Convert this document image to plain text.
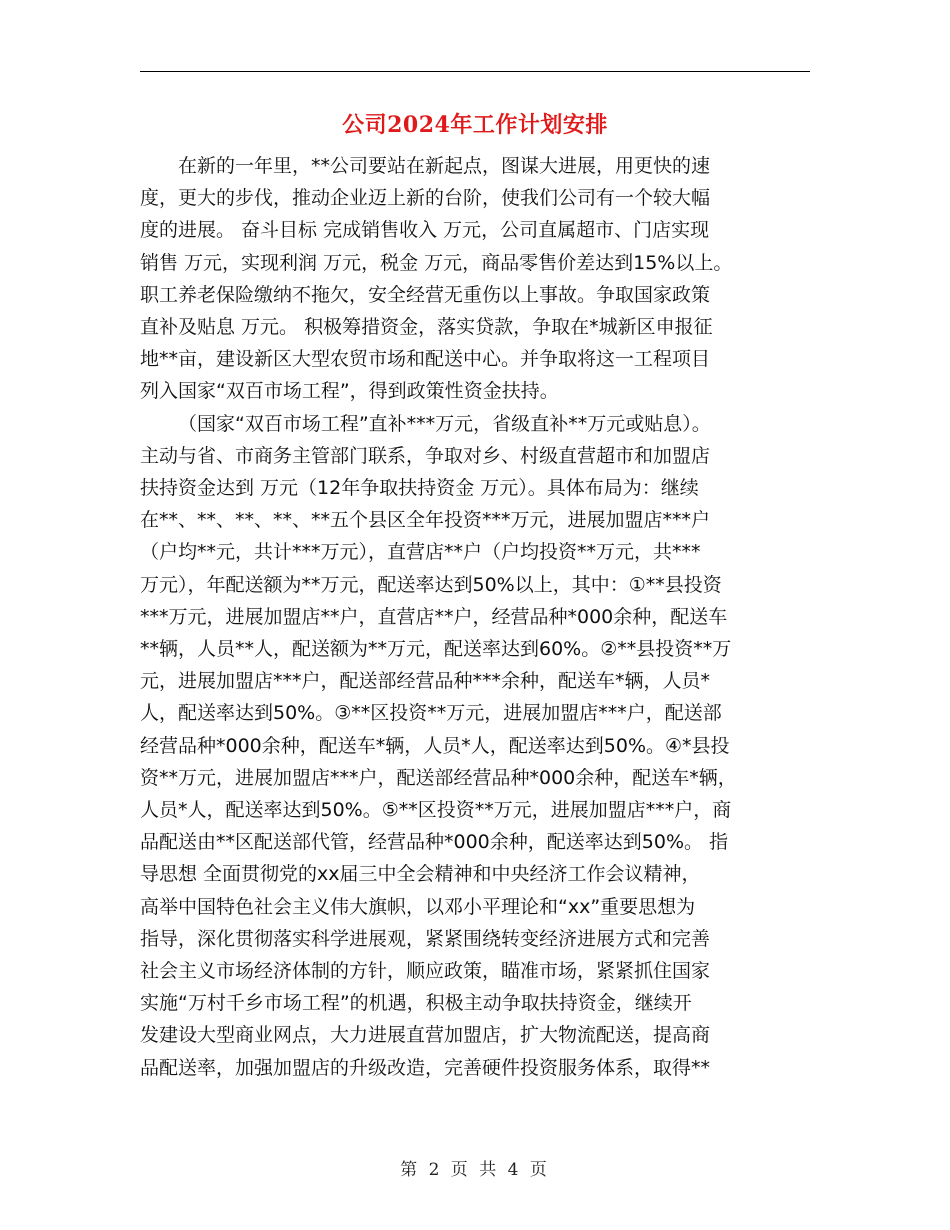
公司2024年工作计划安排
在新的一年里，**公司要站在新起点，图谋大进展，用更快的速
度，更大的步伐，推动企业迈上新的台阶，使我们公司有一个较大幅
度的进展。 奋斗目标 完成销售收入 万元，公司直属超市、门店实现
销售 万元，实现利润 万元，税金 万元，商品零售价差达到15%以上。
职工养老保险缴纳不拖欠，安全经营无重伤以上事故。争取国家政策
直补及贴息 万元。 积极筹措资金，落实贷款，争取在*城新区申报征
地**亩，建设新区大型农贸市场和配送中心。并争取将这一工程项目
列入国家“双百市场工程”，得到政策性资金扶持。
（国家“双百市场工程”直补***万元，省级直补**万元或贴息）。
主动与省、市商务主管部门联系，争取对乡、村级直营超市和加盟店
扶持资金达到 万元（12年争取扶持资金 万元）。具体布局为：继续
在**、**、**、**、**五个县区全年投资***万元，进展加盟店***户
（户均**元，共计***万元），直营店**户（户均投资**万元，共***
万元），年配送额为**万元，配送率达到50%以上，其中：①**县投资
***万元，进展加盟店**户，直营店**户，经营品种*000余种，配送车
**辆，人员**人，配送额为**万元，配送率达到60%。②**县投资**万
元，进展加盟店***户，配送部经营品种***余种，配送车*辆，人员*
人，配送率达到50%。③**区投资**万元，进展加盟店***户，配送部
经营品种*000余种，配送车*辆，人员*人，配送率达到50%。④*县投
资**万元，进展加盟店***户，配送部经营品种*000余种，配送车*辆，
人员*人，配送率达到50%。⑤**区投资**万元，进展加盟店***户，商
品配送由**区配送部代管，经营品种*000余种，配送率达到50%。 指
导思想 全面贯彻党的xx届三中全会精神和中央经济工作会议精神，
高举中国特色社会主义伟大旗帜，以邓小平理论和“xx”重要思想为
指导，深化贯彻落实科学进展观，紧紧围绕转变经济进展方式和完善
社会主义市场经济体制的方针，顺应政策，瞄准市场，紧紧抓住国家
实施“万村千乡市场工程”的机遇，积极主动争取扶持资金，继续开
发建设大型商业网点，大力进展直营加盟店，扩大物流配送，提高商
品配送率，加强加盟店的升级改造，完善硬件投资服务体系，取得**
第 2 页 共 4 页
